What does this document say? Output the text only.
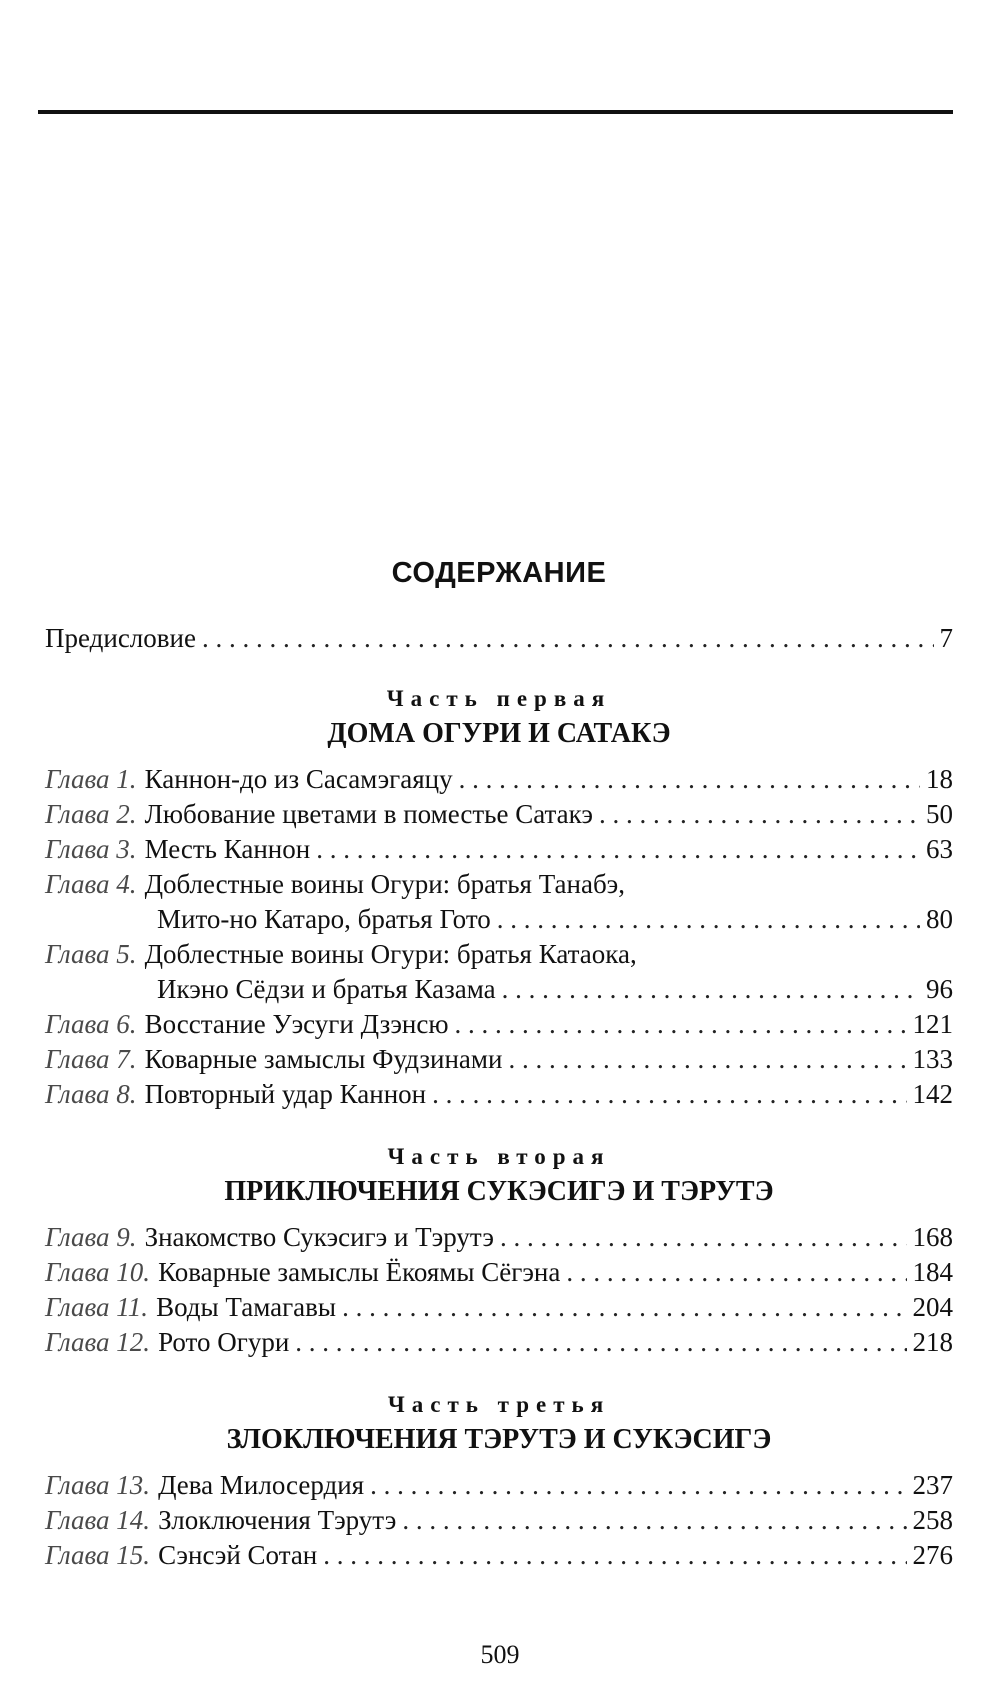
СОДЕРЖАНИЕ
Предисловие . . .	7
Часть первая
ДОМА ОГУРИ И САТАКЭ
Глава 1. Каннон-до из Сасамэгаяцу . . .	18
Глава 2. Любование цветами в поместье Сатакэ . . .	50
Глава 3. Месть Каннон . . .	63
Глава 4. Доблестные воины Огури: братья Танабэ,
Мито-но Катаро, братья Гото . . .	80
Глава 5. Доблестные воины Огури: братья Катаока,
Икэно Сёдзи и братья Казама . . .	96
Глава 6. Восстание Уэсуги Дзэнсю . . .	121
Глава 7. Коварные замыслы Фудзинами . . .	133
Глава 8. Повторный удар Каннон . . .	142
Часть вторая
ПРИКЛЮЧЕНИЯ СУКЭСИГЭ И ТЭРУТЭ
Глава 9. Знакомство Сукэсигэ и Тэрутэ . . .	168
Глава 10. Коварные замыслы Ёкоямы Сёгэна . . .	184
Глава 11. Воды Тамагавы . . .	204
Глава 12. Рото Огури . . .	218
Часть третья
ЗЛОКЛЮЧЕНИЯ ТЭРУТЭ И СУКЭСИГЭ
Глава 13. Дева Милосердия . . .	237
Глава 14. Злоключения Тэрутэ . . .	258
Глава 15. Сэнсэй Сотан . . .	276
509
